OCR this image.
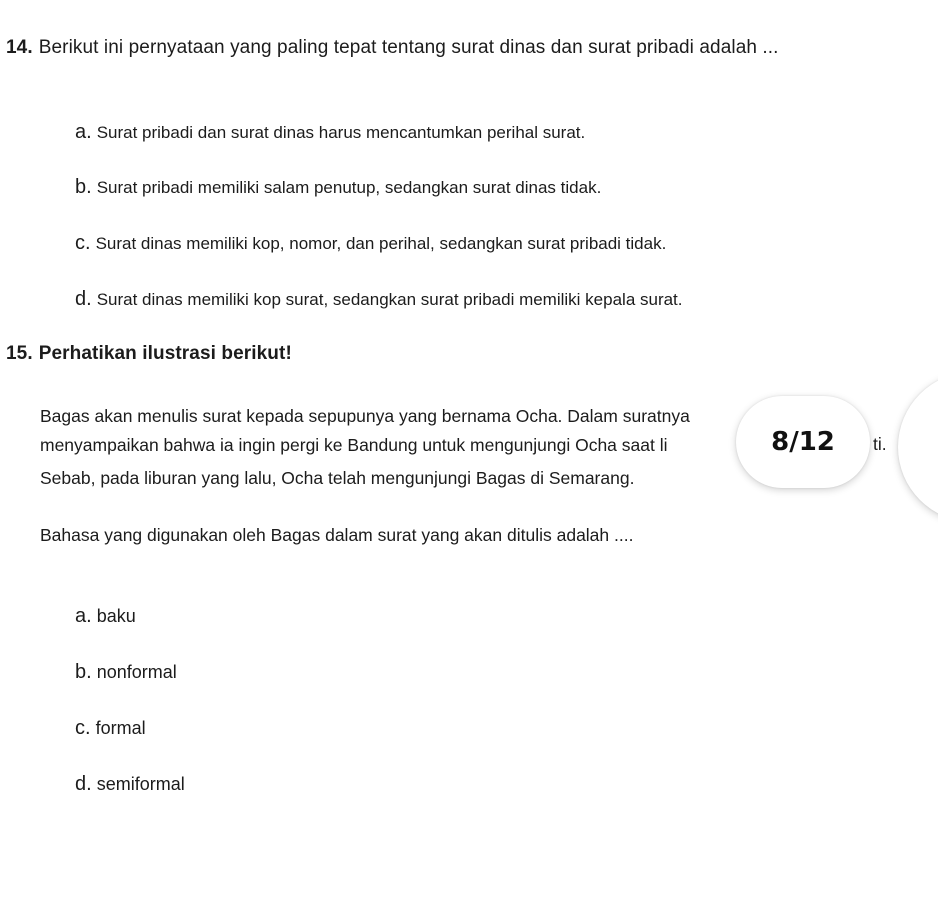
14. Berikut ini pernyataan yang paling tepat tentang surat dinas dan surat pribadi adalah ...
a. Surat pribadi dan surat dinas harus mencantumkan perihal surat.
b. Surat pribadi memiliki salam penutup, sedangkan surat dinas tidak.
c. Surat dinas memiliki kop, nomor, dan perihal, sedangkan surat pribadi tidak.
d. Surat dinas memiliki kop surat, sedangkan surat pribadi memiliki kepala surat.
15. Perhatikan ilustrasi berikut!
Bagas akan menulis surat kepada sepupunya yang bernama Ocha. Dalam suratnya
menyampaikan bahwa ia ingin pergi ke Bandung untuk mengunjungi Ocha saat li
Sebab, pada liburan yang lalu, Ocha telah mengunjungi Bagas di Semarang.
Bahasa yang digunakan oleh Bagas dalam surat yang akan ditulis adalah ....
a. baku
b. nonformal
c. formal
d. semiformal
8/12	ti.
